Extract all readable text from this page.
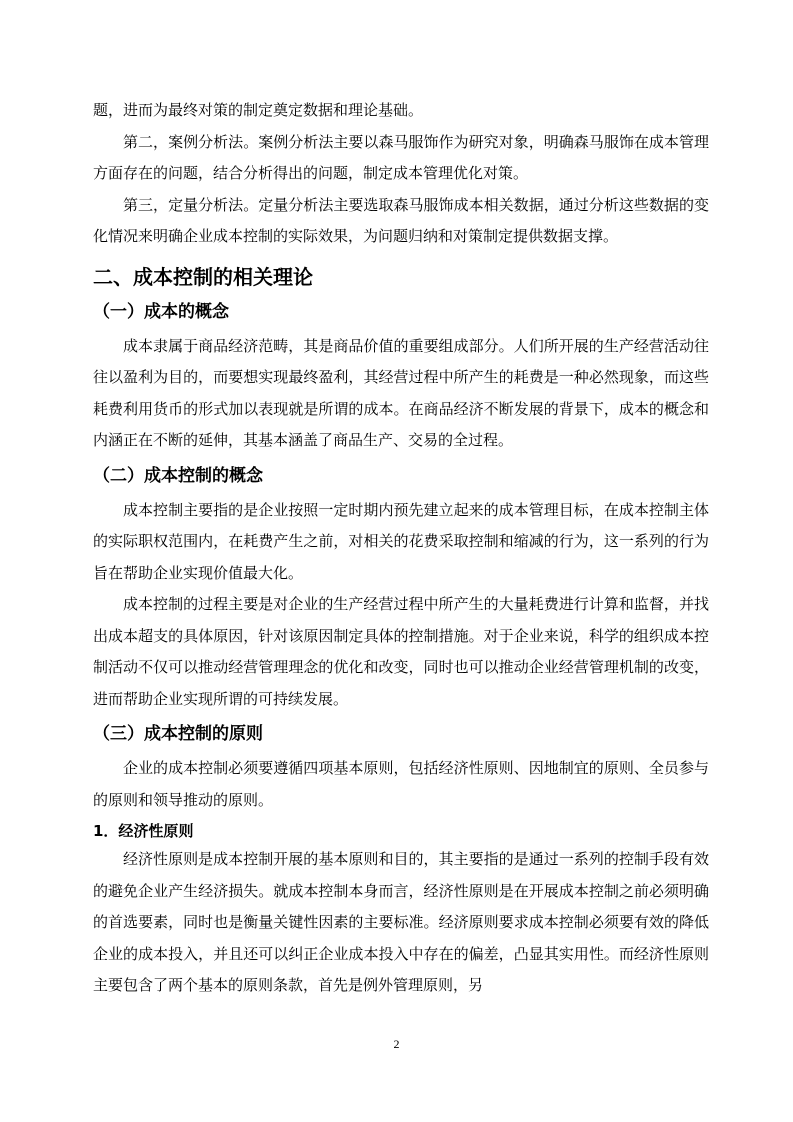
题，进而为最终对策的制定奠定数据和理论基础。

第二，案例分析法。案例分析法主要以森马服饰作为研究对象，明确森马服饰在成本管理方面存在的问题，结合分析得出的问题，制定成本管理优化对策。

第三，定量分析法。定量分析法主要选取森马服饰成本相关数据，通过分析这些数据的变化情况来明确企业成本控制的实际效果，为问题归纳和对策制定提供数据支撑。

二、成本控制的相关理论
（一）成本的概念

成本隶属于商品经济范畴，其是商品价值的重要组成部分。人们所开展的生产经营活动往往以盈利为目的，而要想实现最终盈利，其经营过程中所产生的耗费是一种必然现象，而这些耗费利用货币的形式加以表现就是所谓的成本。在商品经济不断发展的背景下，成本的概念和内涵正在不断的延伸，其基本涵盖了商品生产、交易的全过程。

（二）成本控制的概念

成本控制主要指的是企业按照一定时期内预先建立起来的成本管理目标，在成本控制主体的实际职权范围内，在耗费产生之前，对相关的花费采取控制和缩减的行为，这一系列的行为旨在帮助企业实现价值最大化。

成本控制的过程主要是对企业的生产经营过程中所产生的大量耗费进行计算和监督，并找出成本超支的具体原因，针对该原因制定具体的控制措施。对于企业来说，科学的组织成本控制活动不仅可以推动经营管理理念的优化和改变，同时也可以推动企业经营管理机制的改变，进而帮助企业实现所谓的可持续发展。

（三）成本控制的原则

企业的成本控制必须要遵循四项基本原则，包括经济性原则、因地制宜的原则、全员参与的原则和领导推动的原则。

1．经济性原则

经济性原则是成本控制开展的基本原则和目的，其主要指的是通过一系列的控制手段有效的避免企业产生经济损失。就成本控制本身而言，经济性原则是在开展成本控制之前必须明确的首选要素，同时也是衡量关键性因素的主要标准。经济原则要求成本控制必须要有效的降低企业的成本投入，并且还可以纠正企业成本投入中存在的偏差，凸显其实用性。而经济性原则主要包含了两个基本的原则条款，首先是例外管理原则，另

2
